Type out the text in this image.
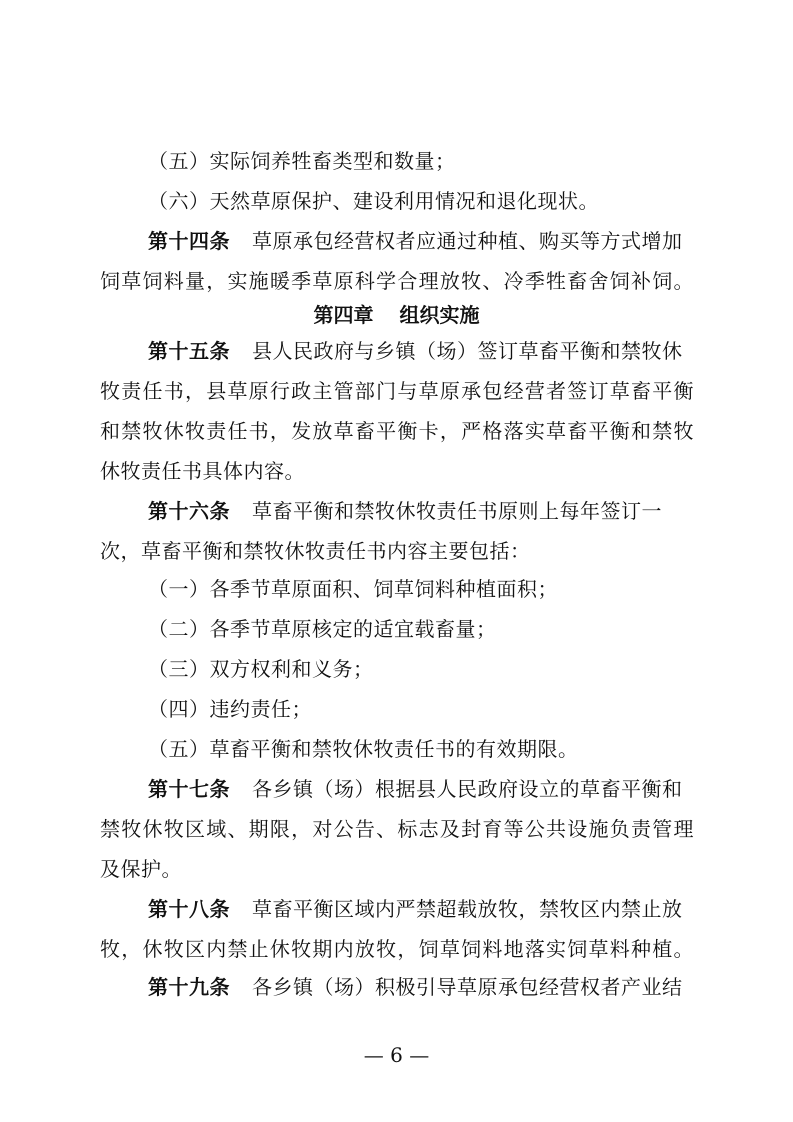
（五）实际饲养牲畜类型和数量；
（六）天然草原保护、建设利用情况和退化现状。
第十四条 草原承包经营权者应通过种植、购买等方式增加
饲草饲料量，实施暖季草原科学合理放牧、冷季牲畜舍饲补饲。
第四章 组织实施
第十五条 县人民政府与乡镇（场）签订草畜平衡和禁牧休
牧责任书，县草原行政主管部门与草原承包经营者签订草畜平衡
和禁牧休牧责任书，发放草畜平衡卡，严格落实草畜平衡和禁牧
休牧责任书具体内容。
第十六条 草畜平衡和禁牧休牧责任书原则上每年签订一
次，草畜平衡和禁牧休牧责任书内容主要包括：
（一）各季节草原面积、饲草饲料种植面积；
（二）各季节草原核定的适宜载畜量；
（三）双方权利和义务；
（四）违约责任；
（五）草畜平衡和禁牧休牧责任书的有效期限。
第十七条 各乡镇（场）根据县人民政府设立的草畜平衡和
禁牧休牧区域、期限，对公告、标志及封育等公共设施负责管理
及保护。
第十八条 草畜平衡区域内严禁超载放牧，禁牧区内禁止放
牧，休牧区内禁止休牧期内放牧，饲草饲料地落实饲草料种植。
第十九条 各乡镇（场）积极引导草原承包经营权者产业结
— 6 —
